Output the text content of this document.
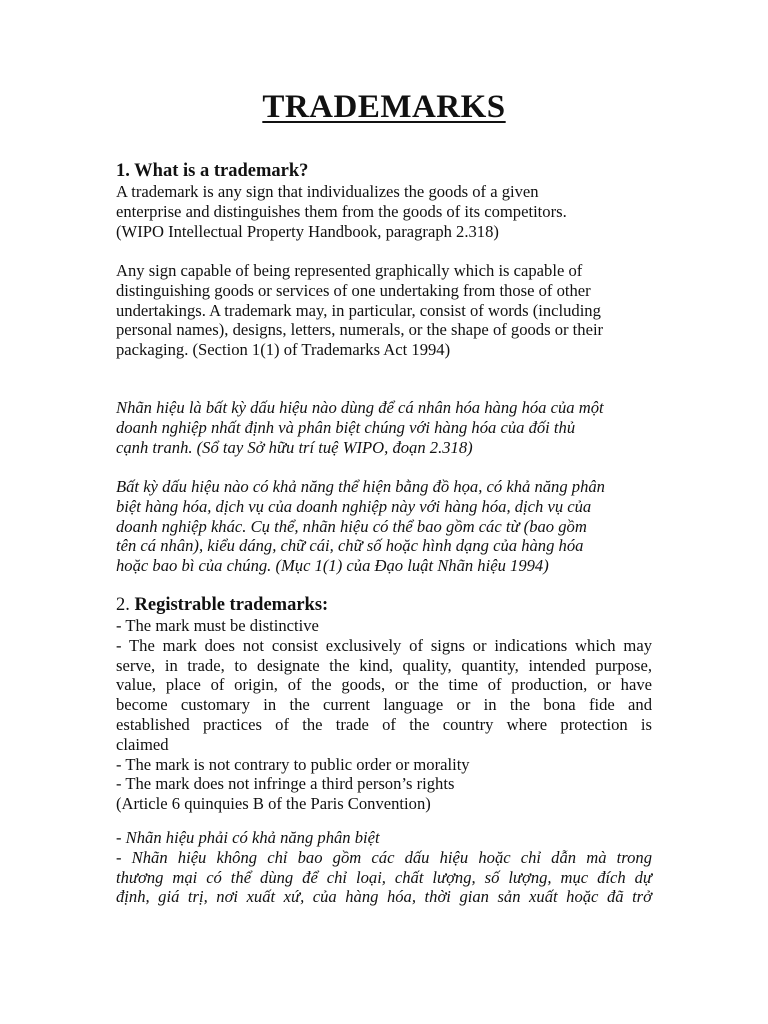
TRADEMARKS
1. What is a trademark?
A trademark is any sign that individualizes the goods of a given
enterprise and distinguishes them from the goods of its competitors.
(WIPO Intellectual Property Handbook, paragraph 2.318)
Any sign capable of being represented graphically which is capable of
distinguishing goods or services of one undertaking from those of other
undertakings. A trademark may, in particular, consist of words (including
personal names), designs, letters, numerals, or the shape of goods or their
packaging. (Section 1(1) of Trademarks Act 1994)
Nhãn hiệu là bất kỳ dấu hiệu nào dùng để cá nhân hóa hàng hóa của một
doanh nghiệp nhất định và phân biệt chúng với hàng hóa của đối thủ
cạnh tranh. (Sổ tay Sở hữu trí tuệ WIPO, đoạn 2.318)
Bất kỳ dấu hiệu nào có khả năng thể hiện bằng đồ họa, có khả năng phân
biệt hàng hóa, dịch vụ của doanh nghiệp này với hàng hóa, dịch vụ của
doanh nghiệp khác. Cụ thể, nhãn hiệu có thể bao gồm các từ (bao gồm
tên cá nhân), kiểu dáng, chữ cái, chữ số hoặc hình dạng của hàng hóa
hoặc bao bì của chúng. (Mục 1(1) của Đạo luật Nhãn hiệu 1994)
2. Registrable trademarks:
- The mark must be distinctive
- The mark does not consist exclusively of signs or indications which may
serve, in trade, to designate the kind, quality, quantity, intended purpose,
value, place of origin, of the goods, or the time of production, or have
become customary in the current language or in the bona fide and
established practices of the trade of the country where protection is
claimed
- The mark is not contrary to public order or morality
- The mark does not infringe a third person’s rights
(Article 6 quinquies B of the Paris Convention)
- Nhãn hiệu phải có khả năng phân biệt
- Nhãn hiệu không chỉ bao gồm các dấu hiệu hoặc chỉ dẫn mà trong
thương mại có thể dùng để chỉ loại, chất lượng, số lượng, mục đích dự
định, giá trị, nơi xuất xứ, của hàng hóa, thời gian sản xuất hoặc đã trở
